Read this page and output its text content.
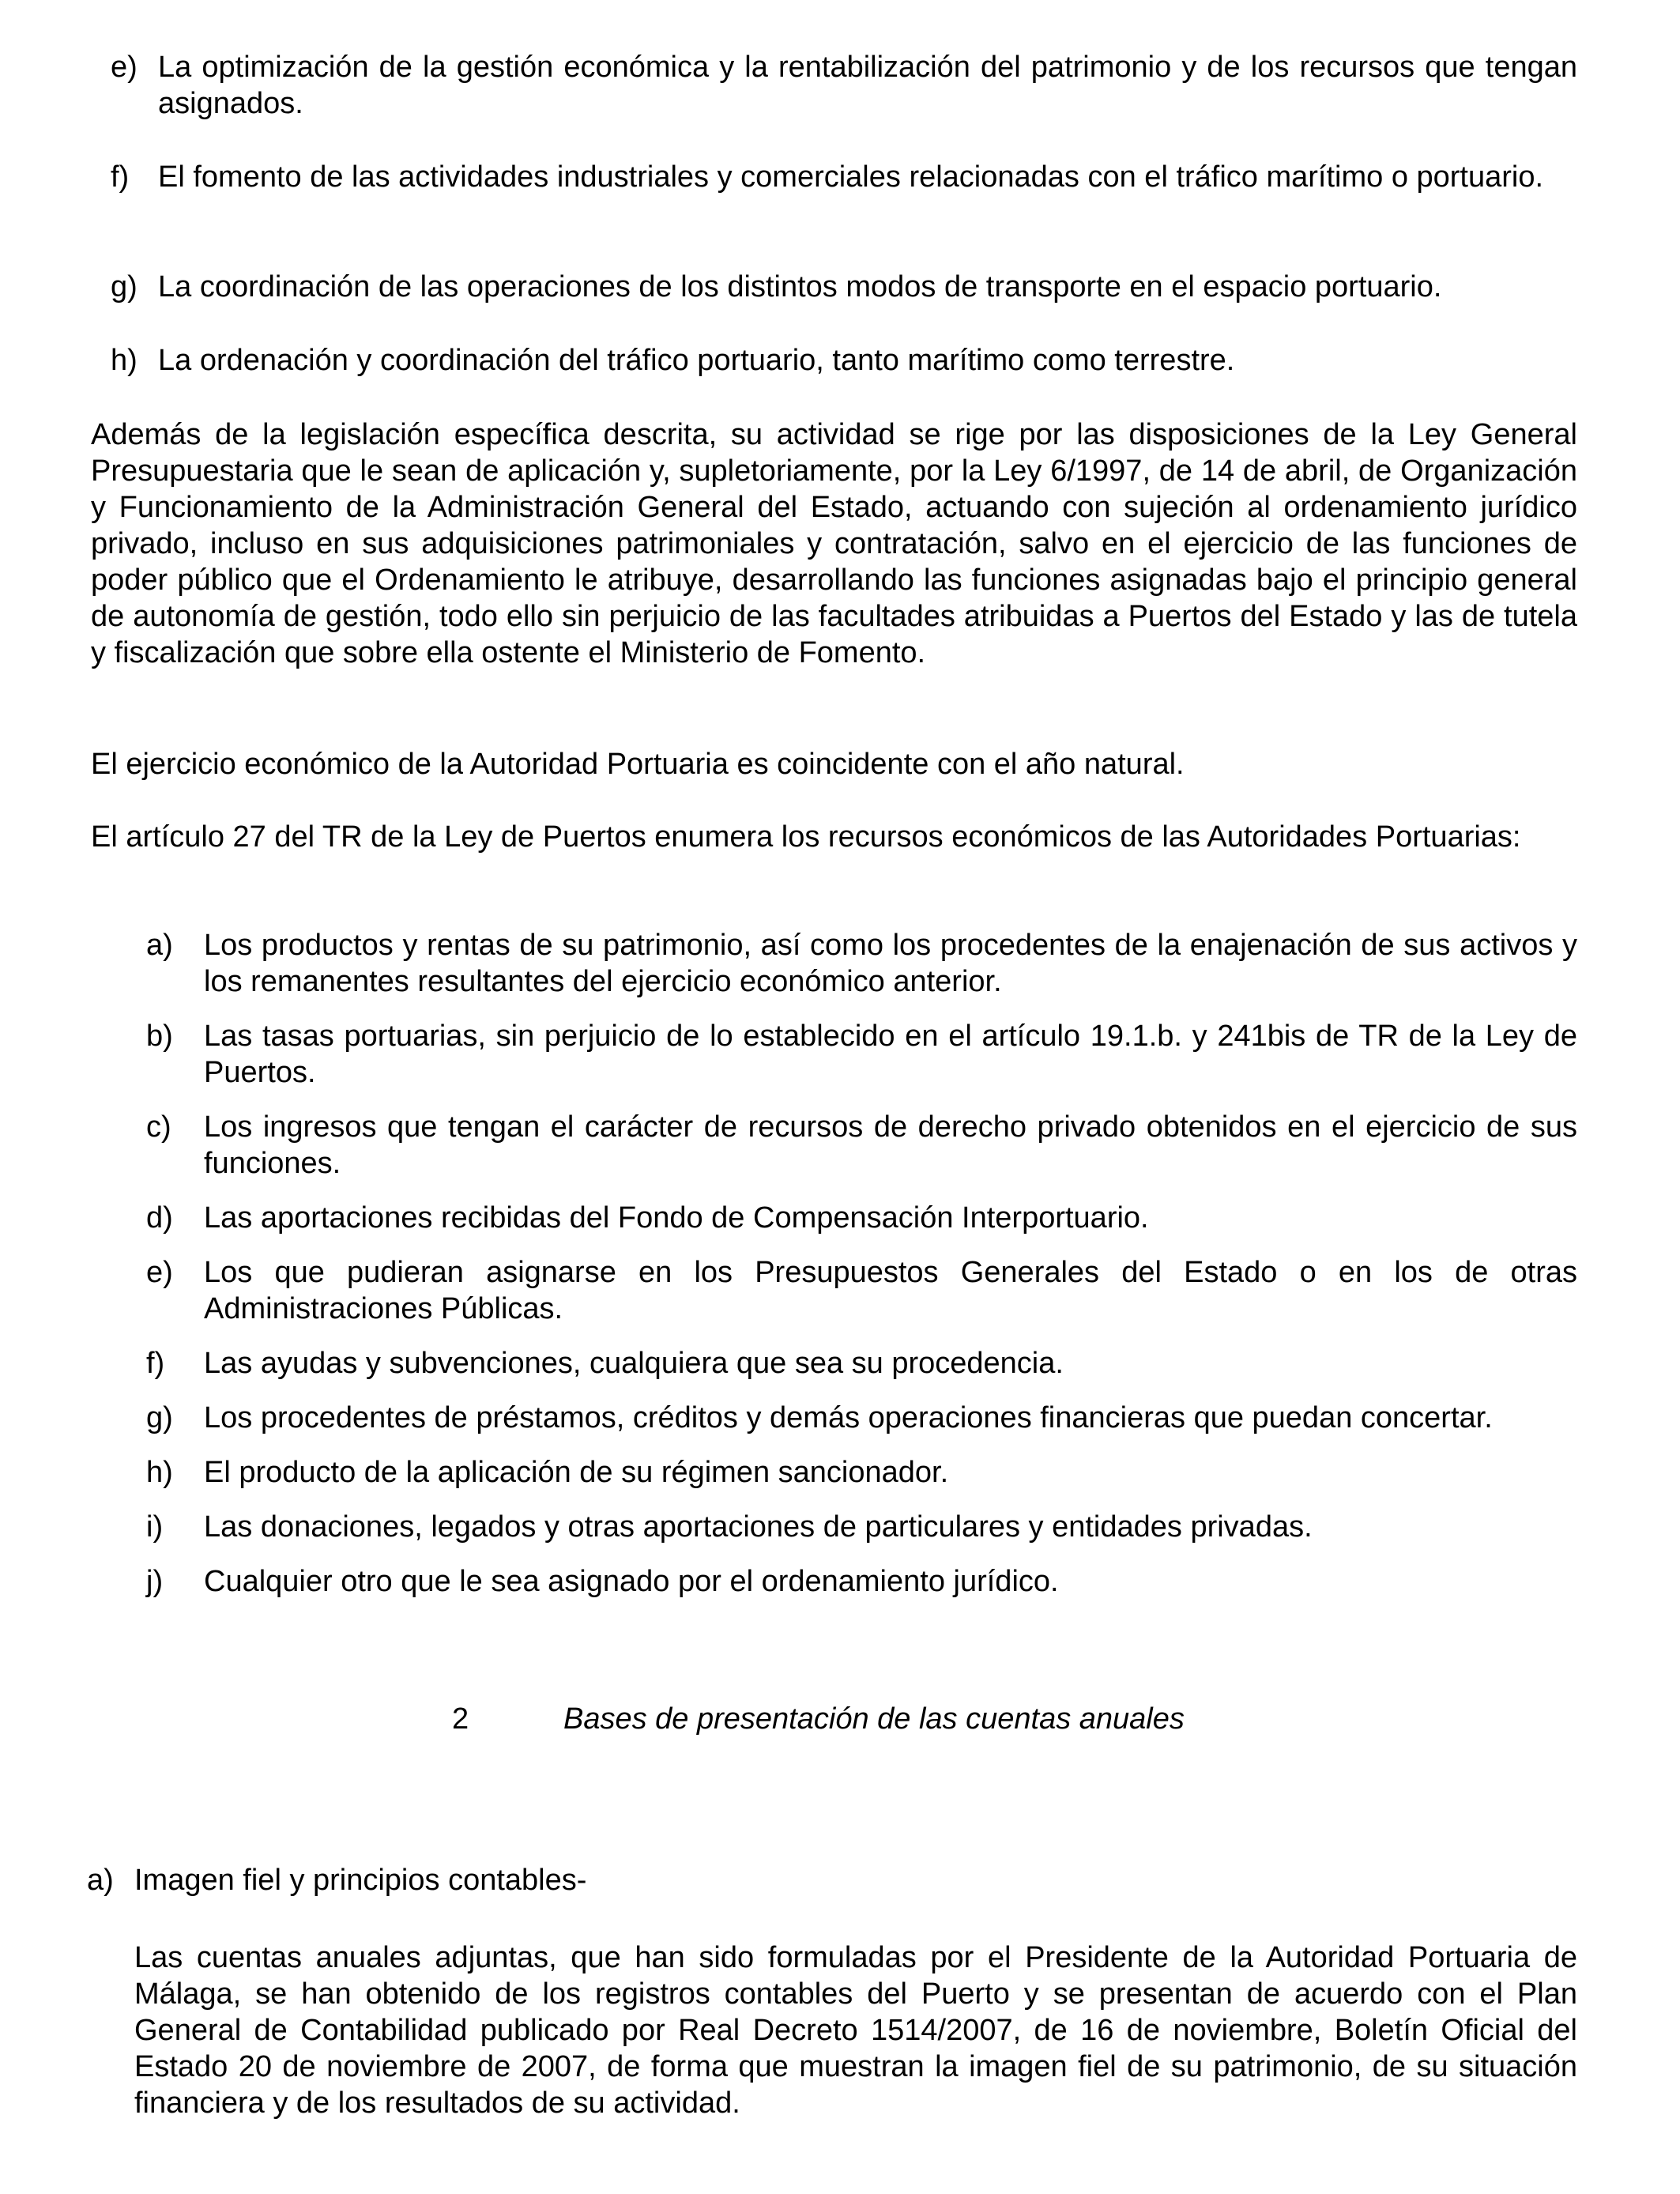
e) La optimización de la gestión económica y la rentabilización del patrimonio y de los recursos que tengan asignados.
f) El fomento de las actividades industriales y comerciales relacionadas con el tráfico marítimo o portuario.
g) La coordinación de las operaciones de los distintos modos de transporte en el espacio portuario.
h) La ordenación y coordinación del tráfico portuario, tanto marítimo como terrestre.
Además de la legislación específica descrita, su actividad se rige por las disposiciones de la Ley General Presupuestaria que le sean de aplicación y, supletoriamente, por la Ley 6/1997, de 14 de abril, de Organización y Funcionamiento de la Administración General del Estado, actuando con sujeción al ordenamiento jurídico privado, incluso en sus adquisiciones patrimoniales y contratación, salvo en el ejercicio de las funciones de poder público que el Ordenamiento le atribuye, desarrollando las funciones asignadas bajo el principio general de autonomía de gestión, todo ello sin perjuicio de las facultades atribuidas a Puertos del Estado y las de tutela y fiscalización que sobre ella ostente el Ministerio de Fomento.
El ejercicio económico de la Autoridad Portuaria es coincidente con el año natural.
El artículo 27 del TR de la Ley de Puertos enumera los recursos económicos de las Autoridades Portuarias:
a)	Los productos y rentas de su patrimonio, así como los procedentes de la enajenación de sus activos y los remanentes resultantes del ejercicio económico anterior.
b)	Las tasas portuarias, sin perjuicio de lo establecido en el artículo 19.1.b. y 241bis de TR de la Ley de Puertos.
c)	Los ingresos que tengan el carácter de recursos de derecho privado obtenidos en el ejercicio de sus funciones.
d)	Las aportaciones recibidas del Fondo de Compensación Interportuario.
e)	Los que pudieran asignarse en los Presupuestos Generales del Estado o en los de otras Administraciones Públicas.
f)	Las ayudas y subvenciones, cualquiera que sea su procedencia.
g)	Los procedentes de préstamos, créditos y demás operaciones financieras que puedan concertar.
h)	El producto de la aplicación de su régimen sancionador.
i)	Las donaciones, legados y otras aportaciones de particulares y entidades privadas.
j)	Cualquier otro que le sea asignado por el ordenamiento jurídico.
2	Bases de presentación de las cuentas anuales
a) Imagen fiel y principios contables-
Las cuentas anuales adjuntas, que han sido formuladas por el Presidente de la Autoridad Portuaria de Málaga, se han obtenido de los registros contables del Puerto y se presentan de acuerdo con el Plan General de Contabilidad publicado por Real Decreto 1514/2007, de 16 de noviembre, Boletín Oficial del Estado 20 de noviembre de 2007, de forma que muestran la imagen fiel de su patrimonio, de su situación financiera y de los resultados de su actividad.
